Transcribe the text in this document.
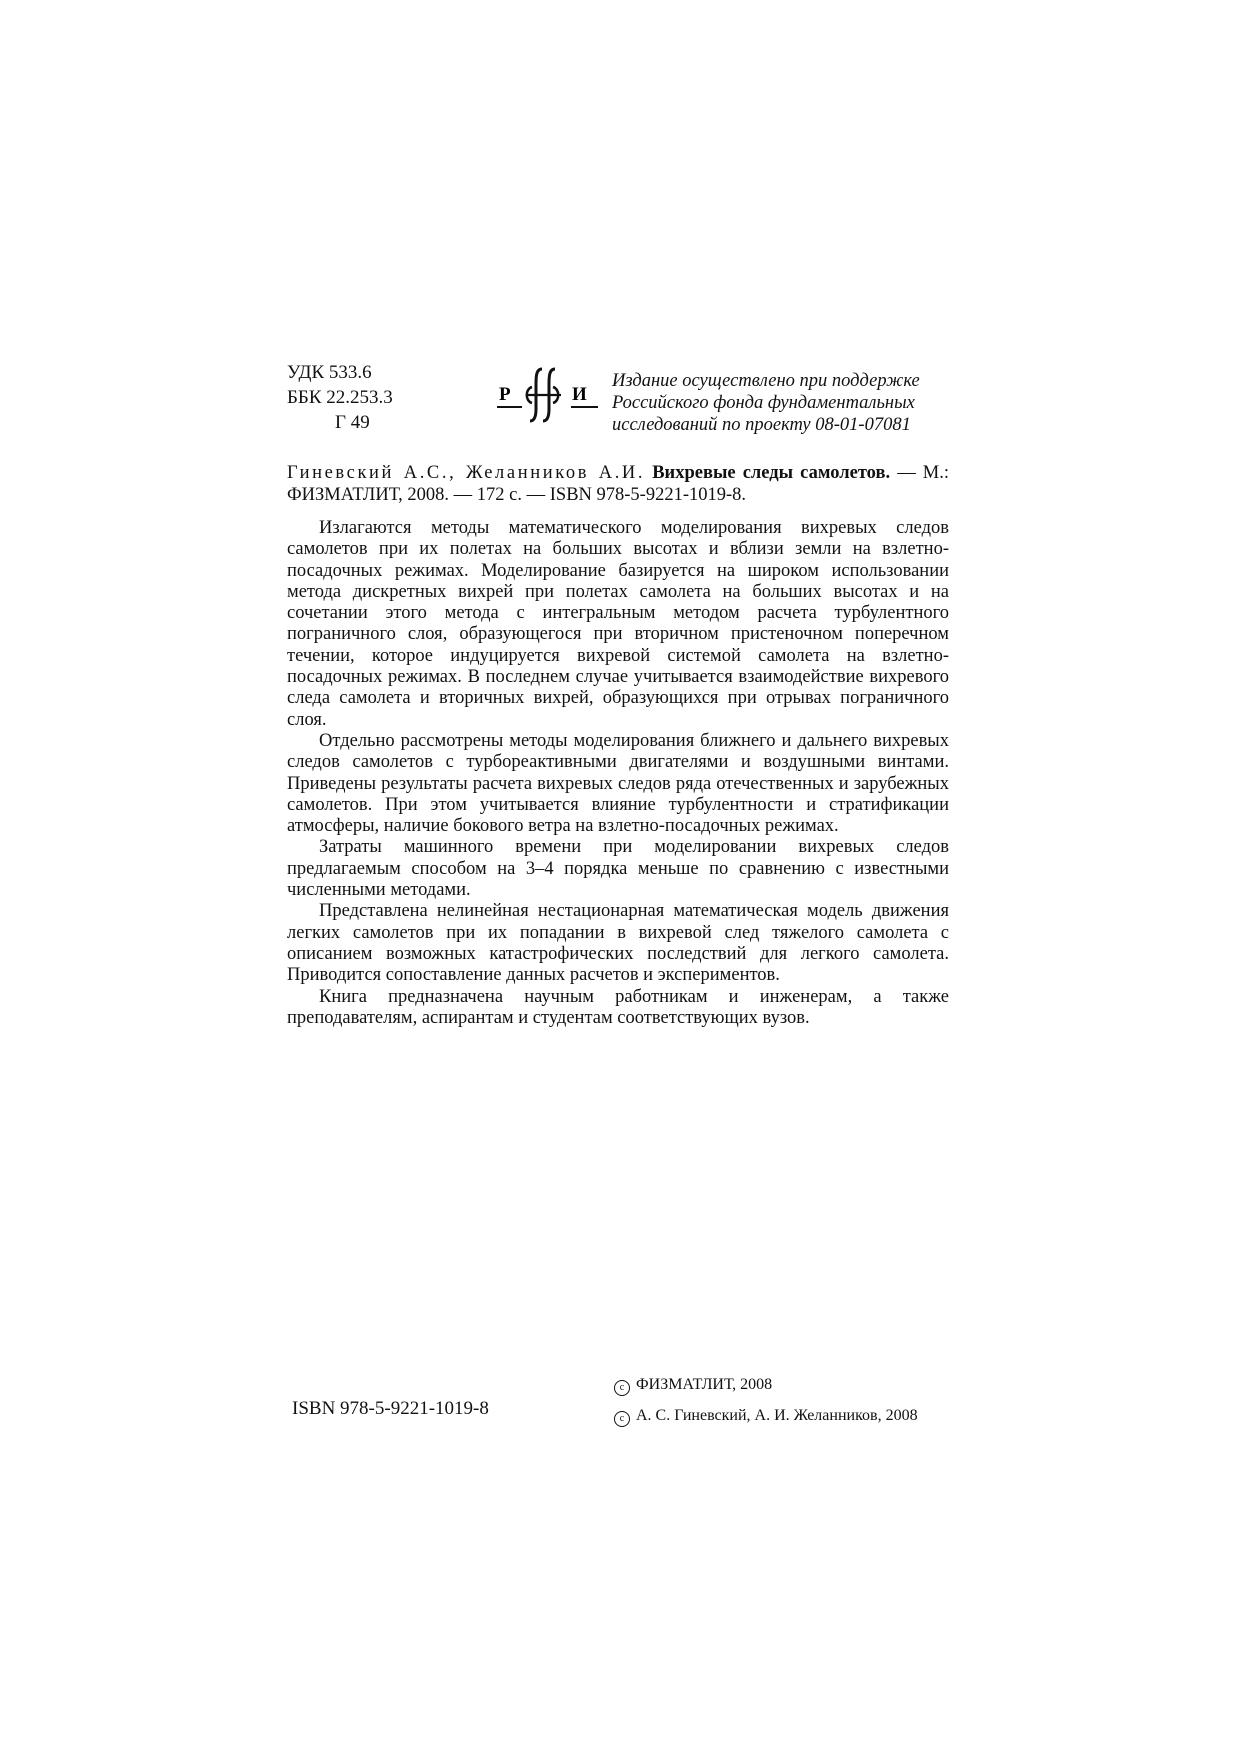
УДК 533.6
ББК 22.253.3
Г 49
Р	И
Издание осуществлено при поддержке
Российского фонда фундаментальных
исследований по проекту 08-01-07081
Гиневский А.С., Желанников А.И. Вихревые следы самолетов. — М.: ФИЗМАТЛИТ, 2008. — 172 с. — ISBN 978-5-9221-1019-8.

Излагаются методы математического моделирования вихревых следов самолетов при их полетах на больших высотах и вблизи земли на взлетно-посадочных режимах. Моделирование базируется на широком использовании метода дискретных вихрей при полетах самолета на больших высотах и на сочетании этого метода с интегральным методом расчета турбулентного пограничного слоя, образующегося при вторичном пристеночном поперечном течении, которое индуцируется вихревой системой самолета на взлетно-посадочных режимах. В последнем случае учитывается взаимодействие вихревого следа самолета и вторичных вихрей, образующихся при отрывах пограничного слоя.

Отдельно рассмотрены методы моделирования ближнего и дальнего вихревых следов самолетов с турбореактивными двигателями и воздушными винтами. Приведены результаты расчета вихревых следов ряда отечественных и зарубежных самолетов. При этом учитывается влияние турбулентности и стратификации атмосферы, наличие бокового ветра на взлетно-посадочных режимах.

Затраты машинного времени при моделировании вихревых следов предлагаемым способом на 3–4 порядка меньше по сравнению с известными численными методами.

Представлена нелинейная нестационарная математическая модель движения легких самолетов при их попадании в вихревой след тяжелого самолета с описанием возможных катастрофических последствий для легкого самолета. Приводится сопоставление данных расчетов и экспериментов.

Книга предназначена научным работникам и инженерам, а также преподавателям, аспирантам и студентам соответствующих вузов.

ISBN 978-5-9221-1019-8
c ФИЗМАТЛИТ, 2008
c А. С. Гиневский, А. И. Желанников, 2008
